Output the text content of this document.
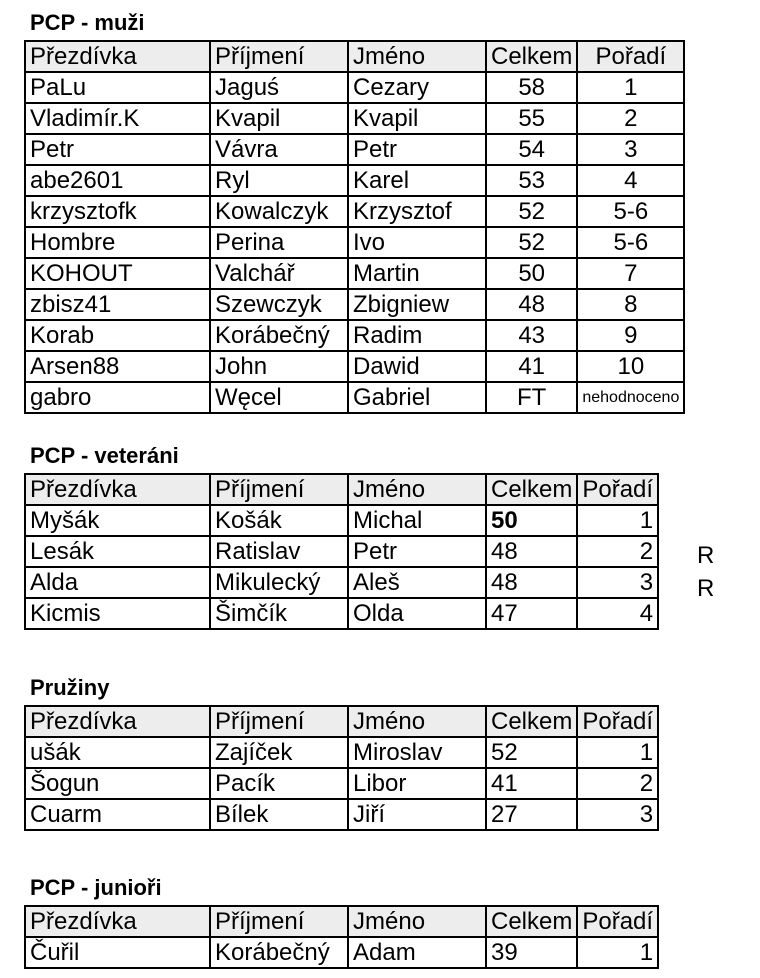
PCP - muži
Přezdívka	Příjmení	Jméno	Celkem	Pořadí
PaLu	Jaguś	Cezary	58	1
Vladimír.K	Kvapil	Kvapil	55	2
Petr	Vávra	Petr	54	3
abe2601	Ryl	Karel	53	4
krzysztofk	Kowalczyk	Krzysztof	52	5-6
Hombre	Perina	Ivo	52	5-6
KOHOUT	Valchář	Martin	50	7
zbisz41	Szewczyk	Zbigniew	48	8
Korab	Korábečný	Radim	43	9
Arsen88	John	Dawid	41	10
gabro	Węcel	Gabriel	FT	nehodnoceno
PCP - veteráni
Přezdívka	Příjmení	Jméno	Celkem	Pořadí
Myšák	Košák	Michal	50	1
Lesák	Ratislav	Petr	48	2
Alda	Mikulecký	Aleš	48	3
Kicmis	Šimčík	Olda	47	4
R
R
Pružiny
Přezdívka	Příjmení	Jméno	Celkem	Pořadí
ušák	Zajíček	Miroslav	52	1
Šogun	Pacík	Libor	41	2
Cuarm	Bílek	Jiří	27	3
PCP - junioři
Přezdívka	Příjmení	Jméno	Celkem	Pořadí
Čuřil	Korábečný	Adam	39	1
